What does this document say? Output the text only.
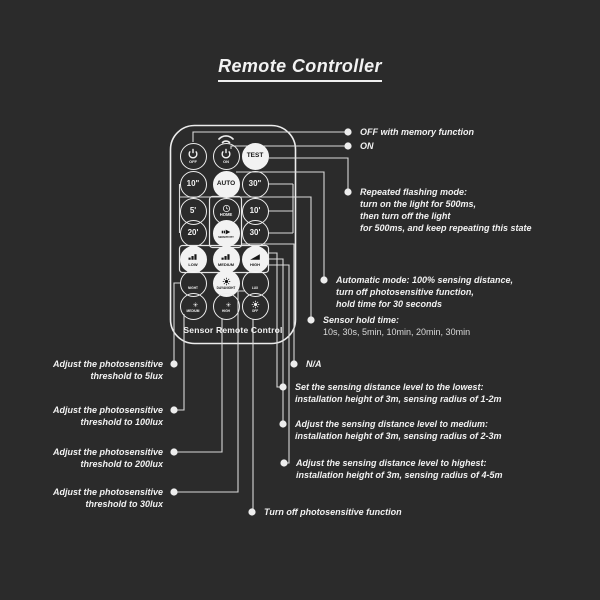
Remote Controller
OFF	ON
TEST
10"	AUTO 30"
5'	HOME 10'
20'
SENSITIVITY
30'
LOW	MEDIUM	HIGH
NIGHT	DAY&NIGHT	LUX
MEDIUM	HIGH	OFF
Sensor Remote Control
OFF with memory function
ON
Repeated flashing mode:
turn on the light for 500ms,
then turn off the light
for 500ms, and keep repeating this state
Automatic mode: 100% sensing distance,
turn off photosensitive function,
hold time for 30 seconds
Sensor hold time:
10s, 30s, 5min, 10min, 20min, 30min
N/A
Set the sensing distance level to the lowest:
installation height of 3m, sensing radius of 1-2m
Adjust the sensing distance level to medium:
installation height of 3m, sensing radius of 2-3m
Adjust the sensing distance level to highest:
installation height of 3m, sensing radius of 4-5m
Turn off photosensitive function
Adjust the photosensitive
threshold to 5lux
Adjust the photosensitive
threshold to 100lux
Adjust the photosensitive
threshold to 200lux
Adjust the photosensitive
threshold to 30lux
